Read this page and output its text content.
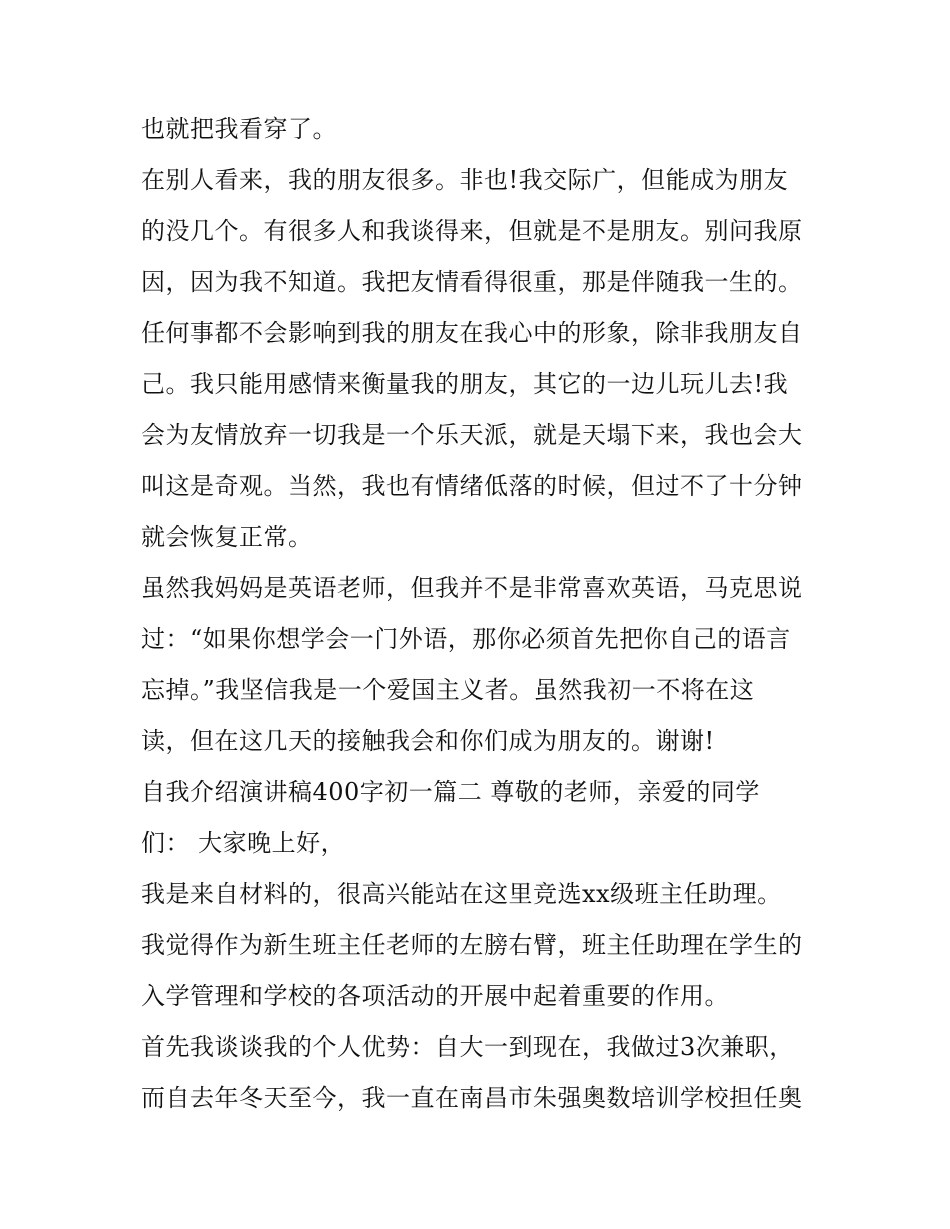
也就把我看穿了。

在别人看来，我的朋友很多。非也!我交际广，但能成为朋友

的没几个。有很多人和我谈得来，但就是不是朋友。别问我原

因，因为我不知道。我把友情看得很重，那是伴随我一生的。

任何事都不会影响到我的朋友在我心中的形象，除非我朋友自

己。我只能用感情来衡量我的朋友，其它的一边儿玩儿去!我

会为友情放弃一切我是一个乐天派，就是天塌下来，我也会大

叫这是奇观。当然，我也有情绪低落的时候，但过不了十分钟

就会恢复正常。

虽然我妈妈是英语老师，但我并不是非常喜欢英语，马克思说

过：“如果你想学会一门外语，那你必须首先把你自己的语言

忘掉。”我坚信我是一个爱国主义者。虽然我初一不将在这

读，但在这几天的接触我会和你们成为朋友的。谢谢!

自我介绍演讲稿400字初一篇二 尊敬的老师，亲爱的同学

们： 大家晚上好，

我是来自材料的，很高兴能站在这里竞选xx级班主任助理。

我觉得作为新生班主任老师的左膀右臂，班主任助理在学生的

入学管理和学校的各项活动的开展中起着重要的作用。

首先我谈谈我的个人优势：自大一到现在，我做过3次兼职，

而自去年冬天至今，我一直在南昌市朱强奥数培训学校担任奥
